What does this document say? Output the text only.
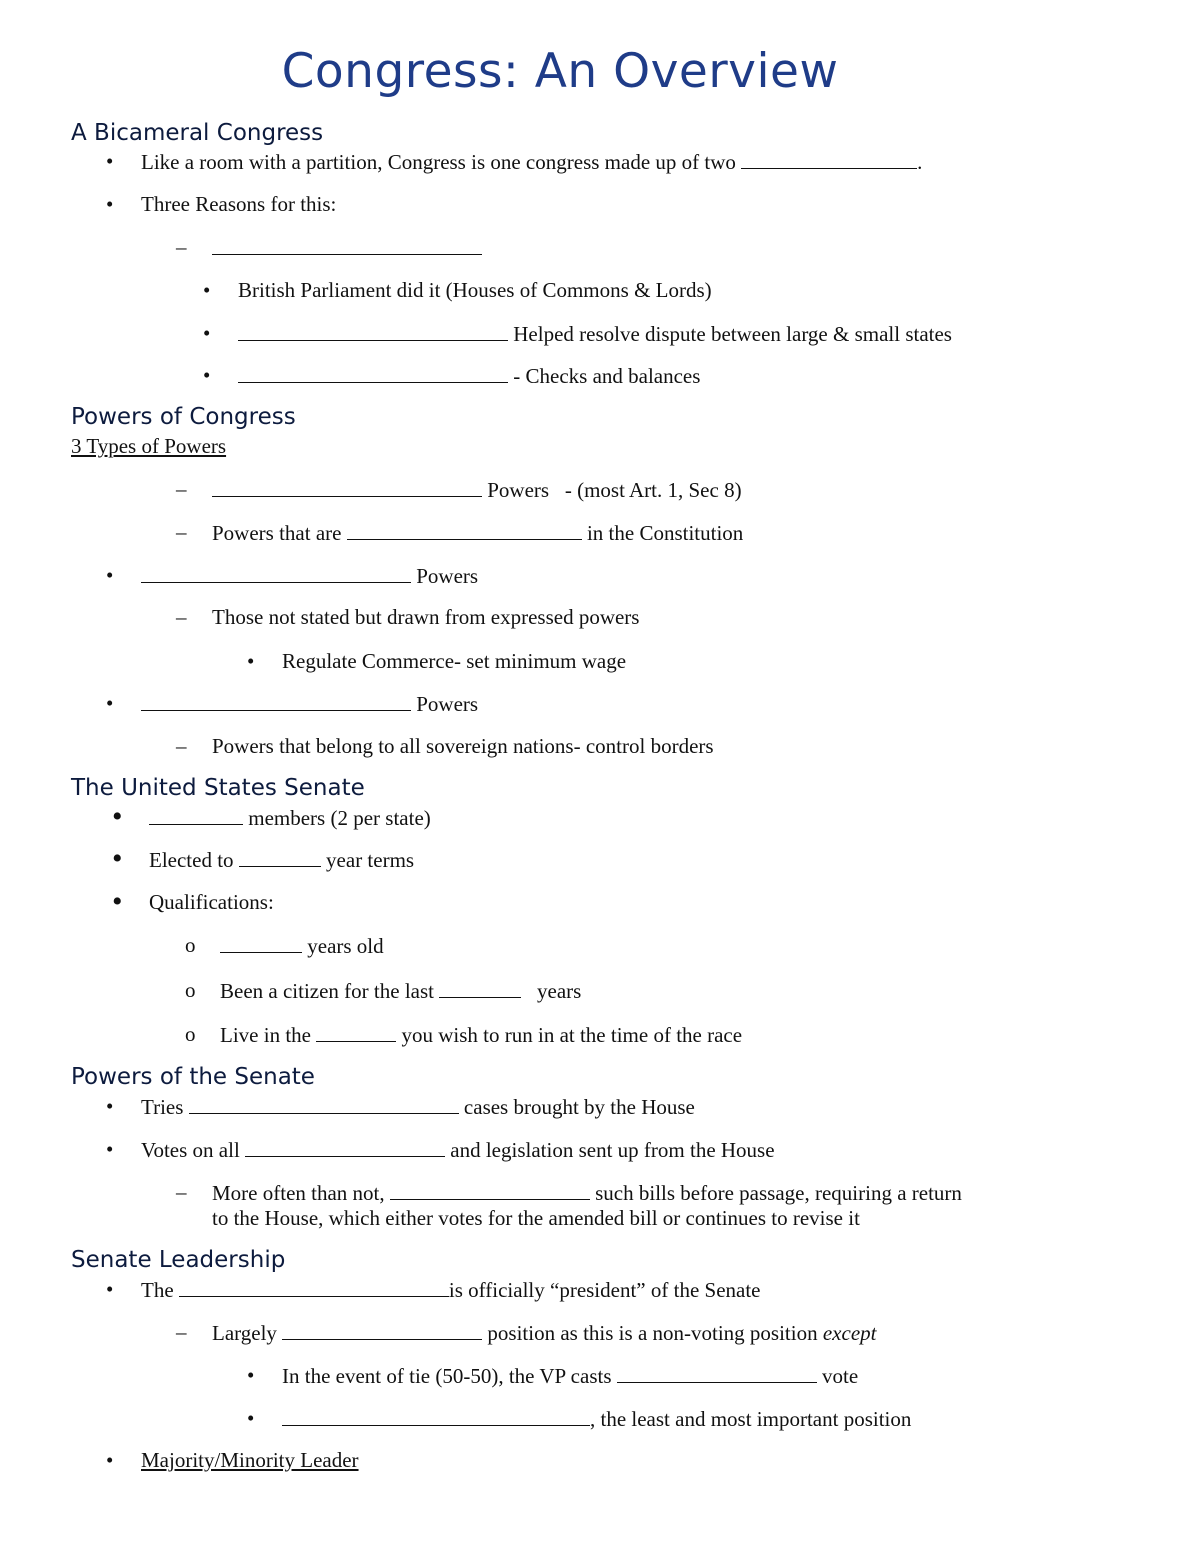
Congress: An Overview
A Bicameral Congress
• Like a room with a partition, Congress is one congress made up of two	.
• Three Reasons for this:
–
• British Parliament did it (Houses of Commons & Lords)
•	Helped resolve dispute between large & small states
•	- Checks and balances
Powers of Congress
3 Types of Powers
–	Powers - (most Art. 1, Sec 8)
– Powers that are	in the Constitution
•	Powers
– Those not stated but drawn from expressed powers
• Regulate Commerce- set minimum wage
•	Powers
– Powers that belong to all sovereign nations- control borders
The United States Senate
•	members (2 per state)
• Elected to	year terms
• Qualifications:
o	years old
o Been a citizen for the last	years
o Live in the	you wish to run in at the time of the race
Powers of the Senate
• Tries	cases brought by the House
• Votes on all	and legislation sent up from the House
– More often than not,	such bills before passage, requiring a return
to the House, which either votes for the amended bill or continues to revise it
Senate Leadership
• The	is officially “president” of the Senate
– Largely	position as this is a non-voting position except
• In the event of tie (50-50), the VP casts	vote
•	, the least and most important position
• Majority/Minority Leader
